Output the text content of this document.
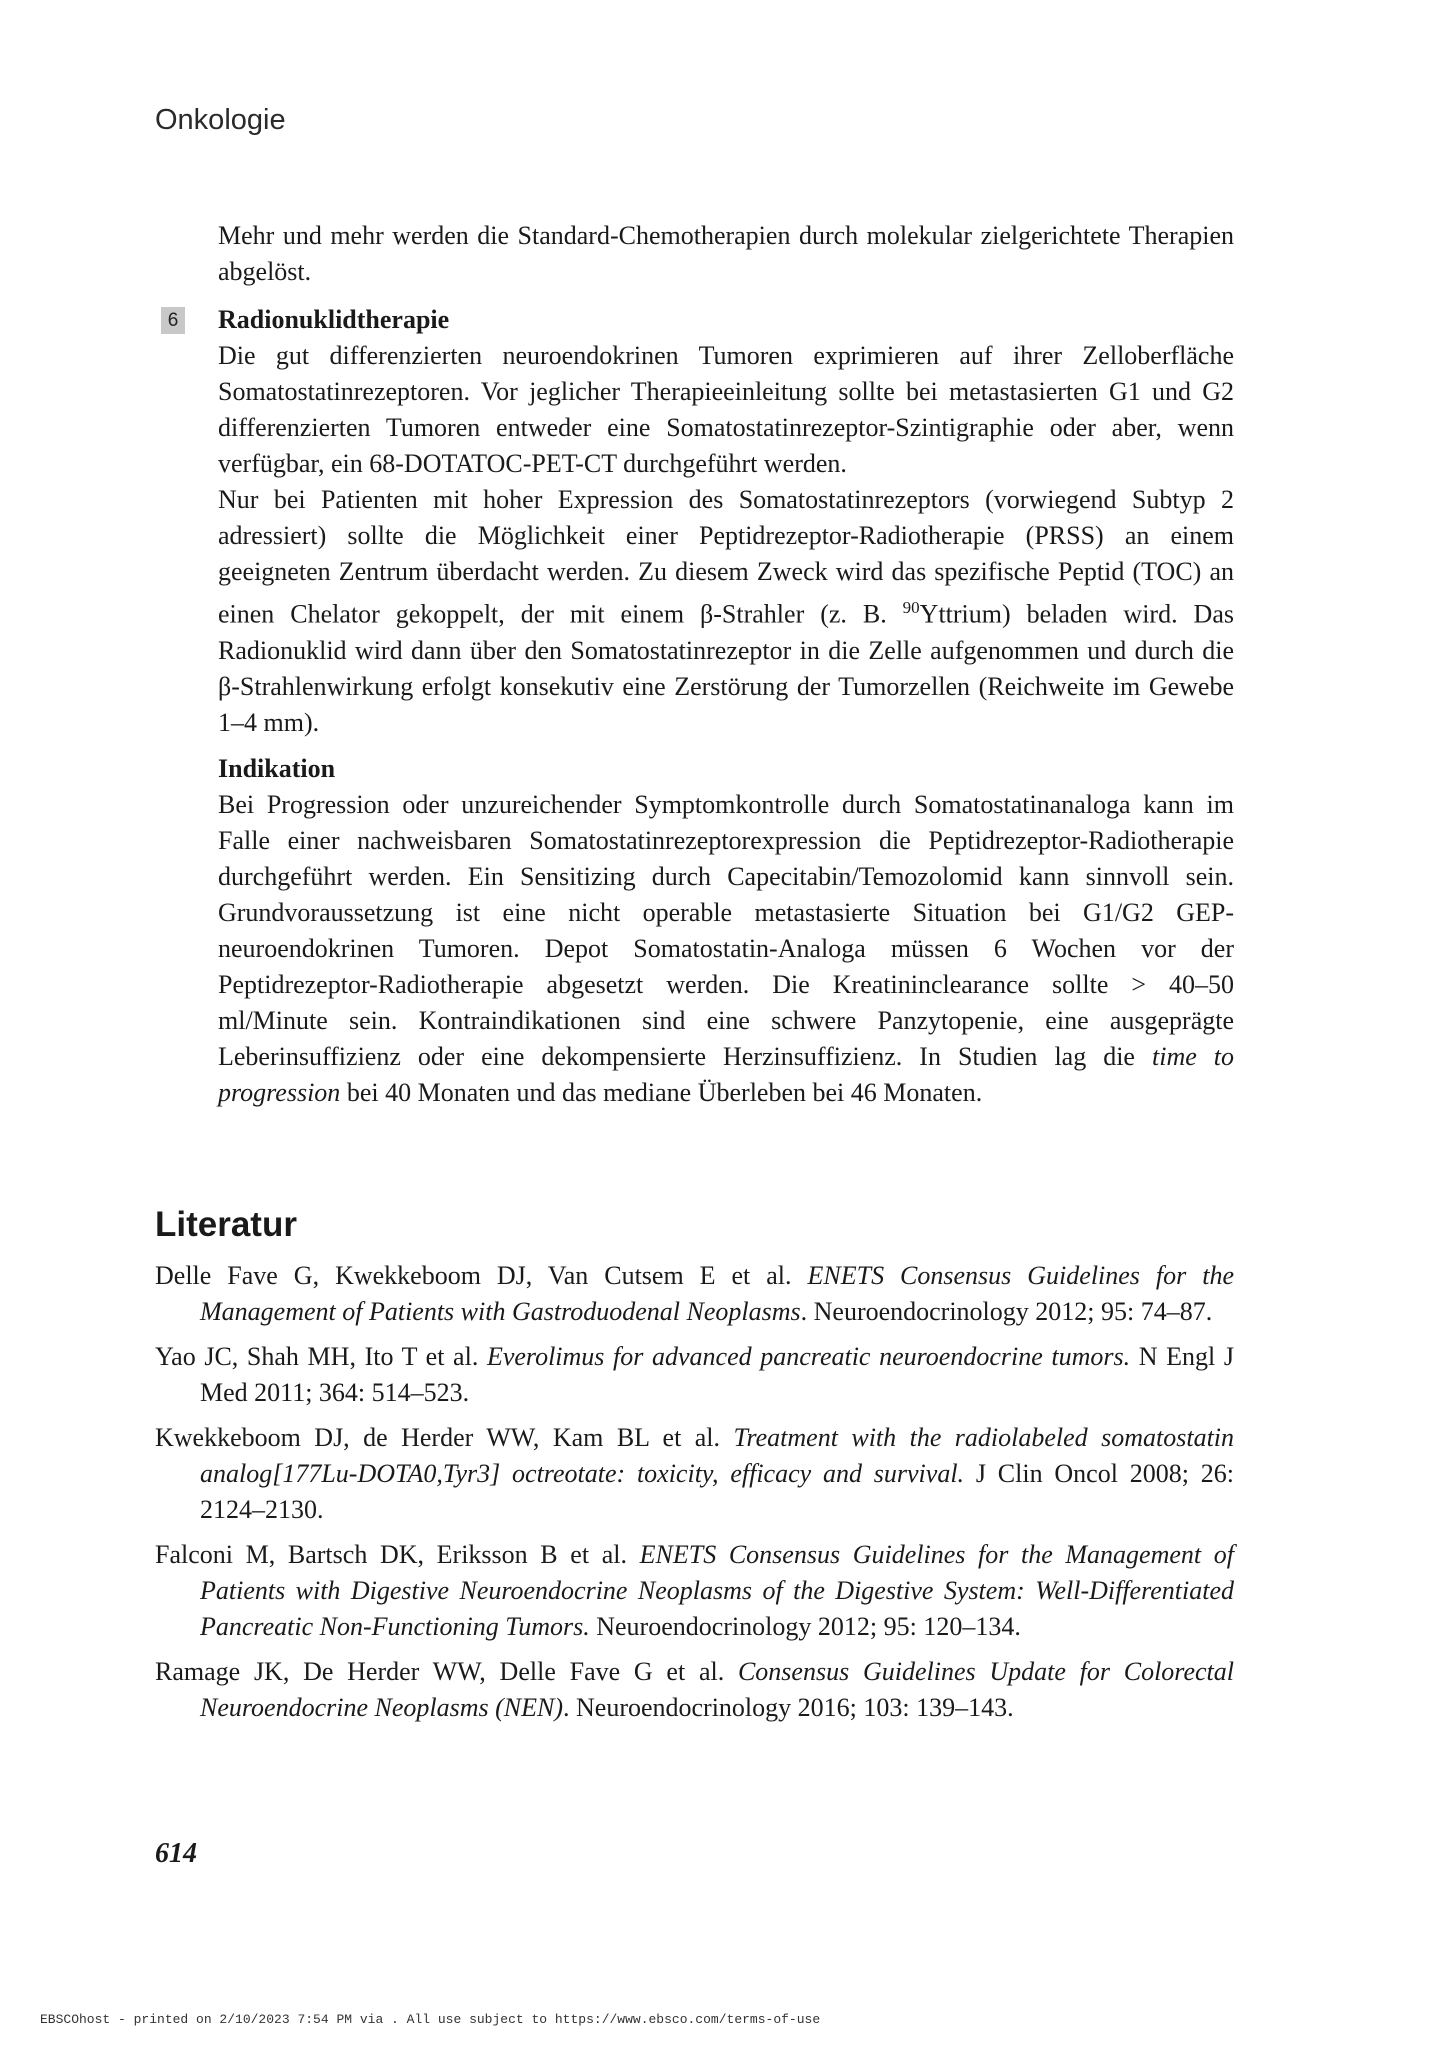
Onkologie

Mehr und mehr werden die Standard-Chemotherapien durch molekular zielgerichtete Therapien abgelöst.

6 Radionuklidtherapie

Die gut differenzierten neuroendokrinen Tumoren exprimieren auf ihrer Zelloberfläche Somatostatinrezeptoren. Vor jeglicher Therapieeinleitung sollte bei metastasierten G1 und G2 differenzierten Tumoren entweder eine Somatostatinrezeptor-Szintigraphie oder aber, wenn verfügbar, ein 68-DOTATOC-PET-CT durchgeführt werden.

Nur bei Patienten mit hoher Expression des Somatostatinrezeptors (vorwiegend Subtyp 2 adressiert) sollte die Möglichkeit einer Peptidrezeptor-Radiotherapie (PRSS) an einem geeigneten Zentrum überdacht werden. Zu diesem Zweck wird das spezifische Peptid (TOC) an einen Chelator gekoppelt, der mit einem β-Strahler (z. B. $^{90}$Yttrium) beladen wird. Das Radionuklid wird dann über den Somatostatinrezeptor in die Zelle aufgenommen und durch die β-Strahlenwirkung erfolgt konsekutiv eine Zerstörung der Tumorzellen (Reichweite im Gewebe 1–4 mm).

Indikation

Bei Progression oder unzureichender Symptomkontrolle durch Somatostatinanaloga kann im Falle einer nachweisbaren Somatostatinrezeptorexpression die Peptidrezeptor-Radiotherapie durchgeführt werden. Ein Sensitizing durch Capecitabin/Temozolomid kann sinnvoll sein. Grundvoraussetzung ist eine nicht operable metastasierte Situation bei G1/G2 GEP-neuroendokrinen Tumoren. Depot Somatostatin-Analoga müssen 6 Wochen vor der Peptidrezeptor-Radiotherapie abgesetzt werden. Die Kreatininclearance sollte > 40–50 ml/Minute sein. Kontraindikationen sind eine schwere Panzytopenie, eine ausgeprägte Leberinsuffizienz oder eine dekompensierte Herzinsuffizienz. In Studien lag die time to progression bei 40 Monaten und das mediane Überleben bei 46 Monaten.

Literatur

Delle Fave G, Kwekkeboom DJ, Van Cutsem E et al. ENETS Consensus Guidelines for the Management of Patients with Gastroduodenal Neoplasms. Neuroendocrinology 2012; 95: 74–87.

Yao JC, Shah MH, Ito T et al. Everolimus for advanced pancreatic neuroendocrine tumors. N Engl J Med 2011; 364: 514–523.

Kwekkeboom DJ, de Herder WW, Kam BL et al. Treatment with the radiolabeled somatostatin analog[177Lu-DOTA0,Tyr3] octreotate: toxicity, efficacy and survival. J Clin Oncol 2008; 26: 2124–2130.

Falconi M, Bartsch DK, Eriksson B et al. ENETS Consensus Guidelines for the Management of Patients with Digestive Neuroendocrine Neoplasms of the Digestive System: Well-Differentiated Pancreatic Non-Functioning Tumors. Neuroendocrinology 2012; 95: 120–134.

Ramage JK, De Herder WW, Delle Fave G et al. Consensus Guidelines Update for Colorectal Neuroendocrine Neoplasms (NEN). Neuroendocrinology 2016; 103: 139–143.

614
EBSCOhost - printed on 2/10/2023 7:54 PM via . All use subject to https://www.ebsco.com/terms-of-use
